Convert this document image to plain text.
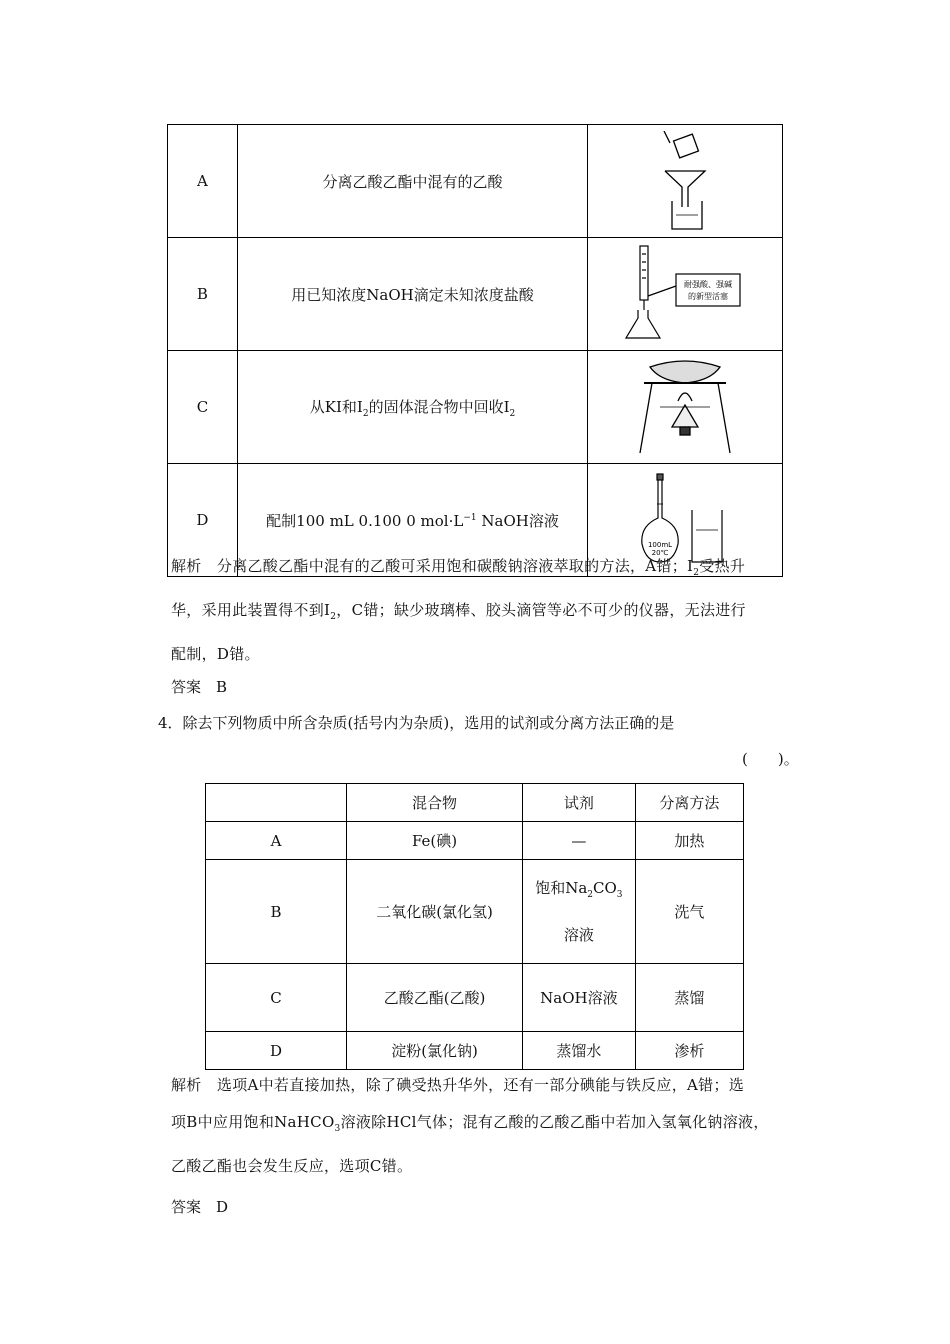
A	分离乙酸乙酯中混有的乙酸	

B	用已知浓度NaOH滴定未知浓度盐酸	耐强酸、强碱
的新型活塞

C	从KI和$I_2$的固体混合物中回收$I_2$	

D	配制100 mL 0.100 0 $mol\cdot L^{-1}$ NaOH溶液	100mL
20℃
解析　分离乙酸乙酯中混有的乙酸可采用饱和碳酸钠溶液萃取的方法，A错；$I_2$受热升
华，采用此装置得不到$I_2$，C错；缺少玻璃棒、胶头滴管等必不可少的仪器，无法进行
配制，D错。
答案　B
4．除去下列物质中所含杂质(括号内为杂质)，选用的试剂或分离方法正确的是
(　　)。
	混合物	试剂	分离方法
A	Fe(碘)	—	加热
B	二氧化碳(氯化氢)	饱和$Na_2CO_3$
溶液	洗气
C	乙酸乙酯(乙酸)	NaOH溶液	蒸馏
D	淀粉(氯化钠)	蒸馏水	渗析
解析　选项A中若直接加热，除了碘受热升华外，还有一部分碘能与铁反应，A错；选
项B中应用饱和NaHCO$_3$溶液除HCl气体；混有乙酸的乙酸乙酯中若加入氢氧化钠溶液，
乙酸乙酯也会发生反应，选项C错。
答案　D
